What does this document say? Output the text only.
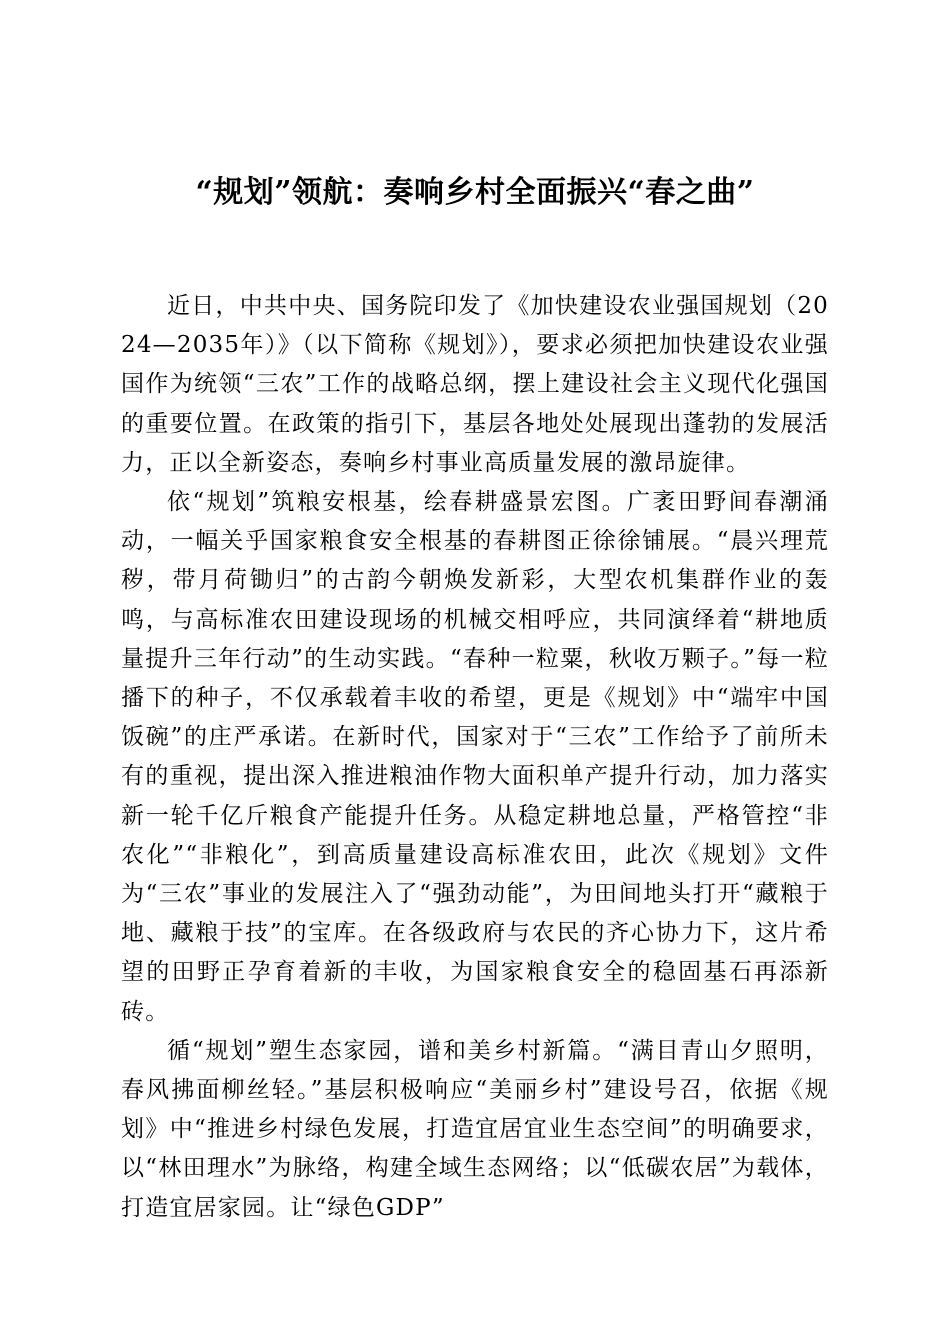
“规划”领航：奏响乡村全面振兴“春之曲”

近日，中共中央、国务院印发了《加快建设农业强国规划（2024—2035年）》（以下简称《规划》），要求必须把加快建设农业强国作为统领“三农”工作的战略总纲，摆上建设社会主义现代化强国的重要位置。在政策的指引下，基层各地处处展现出蓬勃的发展活力，正以全新姿态，奏响乡村事业高质量发展的激昂旋律。

依“规划”筑粮安根基，绘春耕盛景宏图。广袤田野间春潮涌动，一幅关乎国家粮食安全根基的春耕图正徐徐铺展。“晨兴理荒秽，带月荷锄归”的古韵今朝焕发新彩，大型农机集群作业的轰鸣，与高标准农田建设现场的机械交相呼应，共同演绎着“耕地质量提升三年行动”的生动实践。“春种一粒粟，秋收万颗子。”每一粒播下的种子，不仅承载着丰收的希望，更是《规划》中“端牢中国饭碗”的庄严承诺。在新时代，国家对于“三农”工作给予了前所未有的重视，提出深入推进粮油作物大面积单产提升行动，加力落实新一轮千亿斤粮食产能提升任务。从稳定耕地总量，严格管控“非农化”“非粮化”，到高质量建设高标准农田，此次《规划》文件为“三农”事业的发展注入了“强劲动能”，为田间地头打开“藏粮于地、藏粮于技”的宝库。在各级政府与农民的齐心协力下，这片希望的田野正孕育着新的丰收，为国家粮食安全的稳固基石再添新砖。

循“规划”塑生态家园，谱和美乡村新篇。“满目青山夕照明，春风拂面柳丝轻。”基层积极响应“美丽乡村”建设号召，依据《规划》中“推进乡村绿色发展，打造宜居宜业生态空间”的明确要求，以“林田理水”为脉络，构建全域生态网络；以“低碳农居”为载体，打造宜居家园。让“绿色GDP”
